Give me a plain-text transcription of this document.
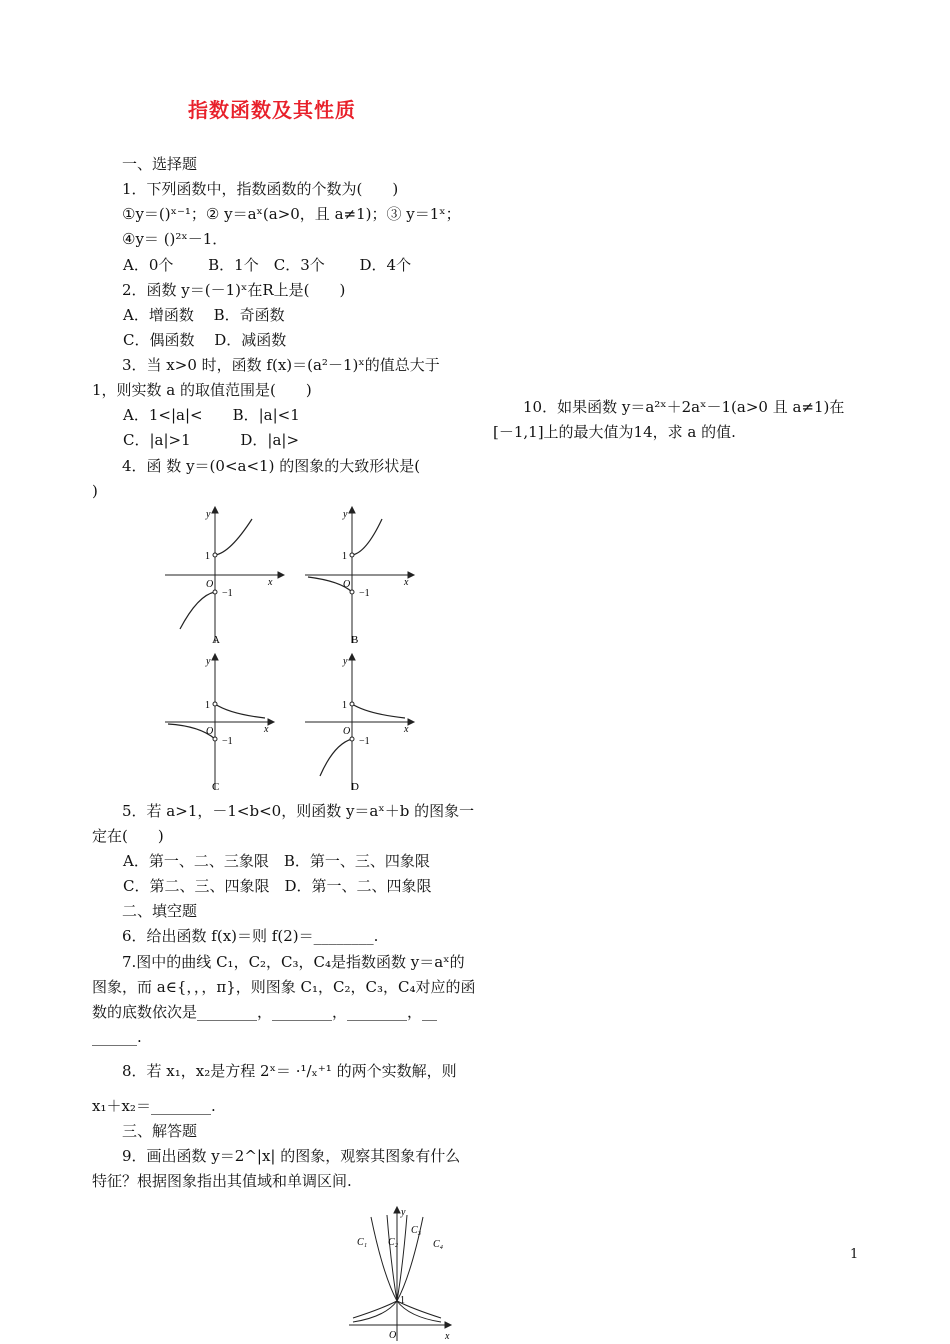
指数函数及其性质
一、选择题
1．下列函数中，指数函数的个数为(　　)
①y＝()ˣ⁻¹；② y＝aˣ(a>0，且 a≠1)；③ y＝1ˣ；
④y＝ ()²ˣ－1．
A．0个　　 B．1个　C．3个　　 D．4个
2．函数 y＝(－1)ˣ在R上是(　　)
A．增函数　 B．奇函数
C．偶函数　 D．减函数
3．当 x>0 时，函数 f(x)＝(a²－1)ˣ的值总大于
1，则实数 a 的取值范围是(　　)
A．1<|a|<　　B．|a|<1
C．|a|>1　　　 D．|a|>
4．函 数 y＝(0<a<1) 的图象的大致形状是(
)
y
1
O	x
−1
A
y
1
O	x
−1
B
y
1
O	x
−1
C
y
1
O	x
−1
D
5．若 a>1，－1<b<0，则函数 y＝aˣ＋b 的图象一
定在(　　)
A．第一、二、三象限　B．第一、三、四象限
C．第二、三、四象限　D．第一、二、四象限
二、填空题
6．给出函数 f(x)＝则 f(2)＝________.
7.图中的曲线 C₁，C₂，C₃，C₄是指数函数 y＝aˣ的
图象，而 a∈{，，，π}，则图象 C₁，C₂，C₃，C₄对应的函
数的底数依次是________，________，________，__
______.
8．若 x₁，x₂是方程 2ˣ＝ ·¹/ₓ⁺¹ 的两个实数解，则
x₁＋x₂＝________.
三、解答题
9．画出函数 y＝2^|x| 的图象，观察其图象有什么
特征？根据图象指出其值域和单调区间.
y
C₁ C₂
C₃
C₄
1
O	x
10．如果函数 y＝a²ˣ＋2aˣ－1(a>0 且 a≠1)在
[－1,1]上的最大值为14，求 a 的值.
1
